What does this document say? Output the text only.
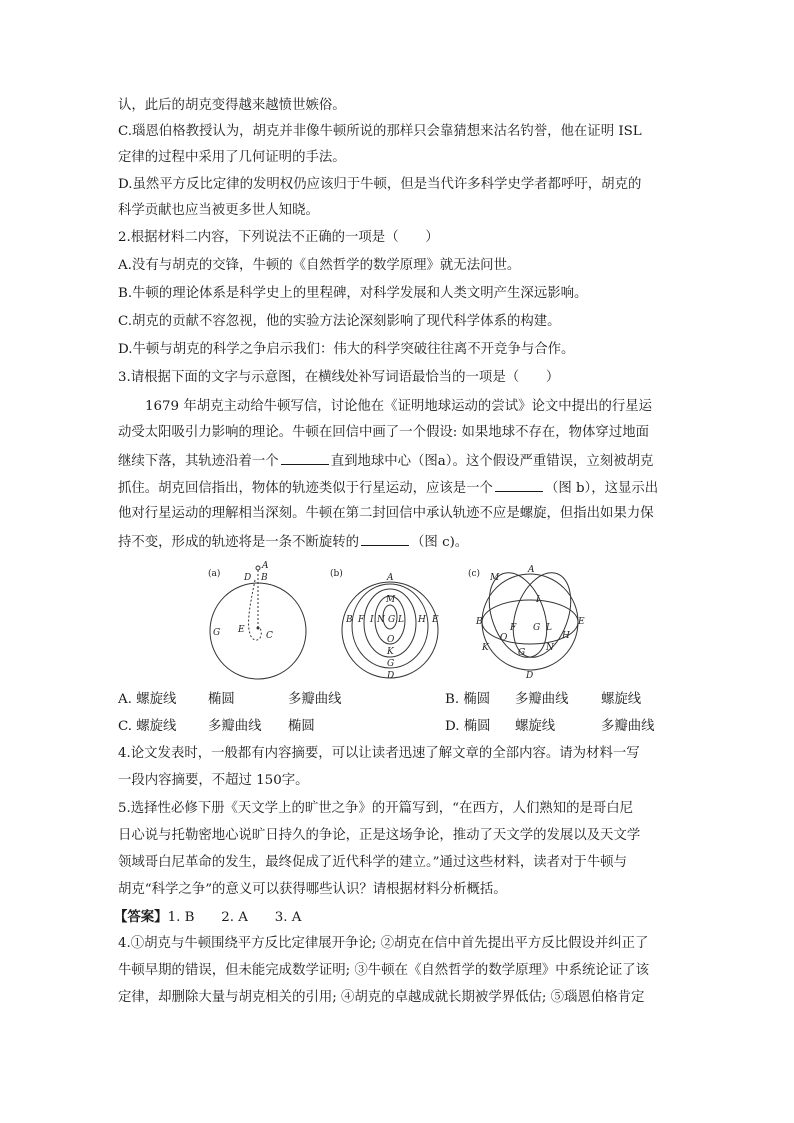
认，此后的胡克变得越来越愤世嫉俗。
C.瑙恩伯格教授认为，胡克并非像牛顿所说的那样只会靠猜想来沽名钓誉，他在证明 ISL
定律的过程中采用了几何证明的手法。
D.虽然平方反比定律的发明权仍应该归于牛顿，但是当代许多科学史学者都呼吁，胡克的
科学贡献也应当被更多世人知晓。
2.根据材料二内容，下列说法不正确的一项是（　　）
A.没有与胡克的交锋，牛顿的《自然哲学的数学原理》就无法问世。
B.牛顿的理论体系是科学史上的里程碑，对科学发展和人类文明产生深远影响。
C.胡克的贡献不容忽视，他的实验方法论深刻影响了现代科学体系的构建。
D.牛顿与胡克的科学之争启示我们：伟大的科学突破往往离不开竞争与合作。
3.请根据下面的文字与示意图，在横线处补写词语最恰当的一项是（　　）
1679 年胡克主动给牛顿写信，讨论他在《证明地球运动的尝试》论文中提出的行星运
动受太阳吸引力影响的理论。牛顿在回信中画了一个假设: 如果地球不存在，物体穿过地面
继续下落，其轨迹沿着一个	直到地球中心（图a）。这个假设严重错误，立刻被胡克
抓住。胡克回信指出，物体的轨迹类似于行星运动，应该是一个	（图 b），这显示出
他对行星运动的理解相当深刻。牛顿在第二封回信中承认轨迹不应是螺旋，但指出如果力保
持不变，形成的轨迹将是一条不断旋转的	（图 c)。
(a)
A
B
D
E
C
G
(b)	A
M
B F I N G L H E
O
K
G
D
(c) M
A
I
B
F G L
E
O	H
K	G N
D
A. 螺旋线 椭圆	多瓣曲线	B. 椭圆 多瓣曲线 螺旋线
C. 螺旋线 多瓣曲线 椭圆	D. 椭圆 螺旋线	多瓣曲线
4.论文发表时，一般都有内容摘要，可以让读者迅速了解文章的全部内容。请为材料一写
一段内容摘要，不超过 150字。
5.选择性必修下册《天文学上的旷世之争》的开篇写到，“在西方，人们熟知的是哥白尼
日心说与托勒密地心说旷日持久的争论，正是这场争论，推动了天文学的发展以及天文学
领域哥白尼革命的发生，最终促成了近代科学的建立。”通过这些材料，读者对于牛顿与
胡克“科学之争”的意义可以获得哪些认识？请根据材料分析概括。
【答案】1. B　　2. A　　3. A
4.①胡克与牛顿围绕平方反比定律展开争论; ②胡克在信中首先提出平方反比假设并纠正了
牛顿早期的错误，但未能完成数学证明; ③牛顿在《自然哲学的数学原理》中系统论证了该
定律，却删除大量与胡克相关的引用; ④胡克的卓越成就长期被学界低估; ⑤瑙恩伯格肯定
